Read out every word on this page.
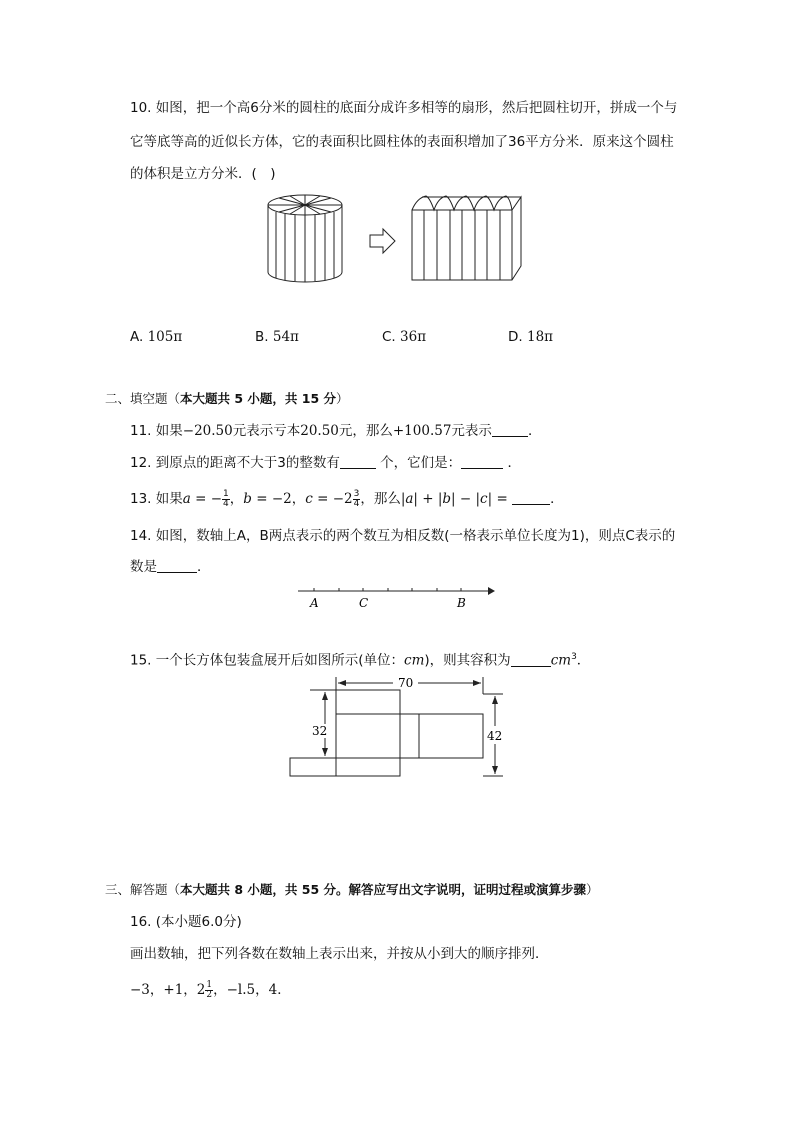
10. 如图，把一个高6分米的圆柱的底面分成许多相等的扇形，然后把圆柱切开，拼成一个与
它等底等高的近似长方体，它的表面积比圆柱体的表面积增加了36平方分米．原来这个圆柱
的体积是立方分米．(　)
A. 105π	B. 54π	C. 36π	D. 18π
二、填空题（本大题共 5 小题，共 15 分）
11. 如果−20.50元表示亏本20.50元，那么+100.57元表示	．
12. 到原点的距离不大于3的整数有	个，它们是：	．
13. 如果a = − $\frac{1}{4}$ ，b = −2，$c = -2 \frac{3}{4}$ ，那么|a| + |b| − |c| =	．
14. 如图，数轴上A，B两点表示的两个数互为相反数(一格表示单位长度为1)，则点C表示的
数是	．
A	C	B
15. 一个长方体包装盒展开后如图所示(单位：cm)，则其容积为	$cm^3$．
70
32	42
三、解答题（本大题共 8 小题，共 55 分。解答应写出文字说明，证明过程或演算步骤）
16. (本小题6.0分)
画出数轴，把下列各数在数轴上表示出来，并按从小到大的顺序排列．
−3，+1，$2 \frac{1}{2}$ ，−l.5，4．
